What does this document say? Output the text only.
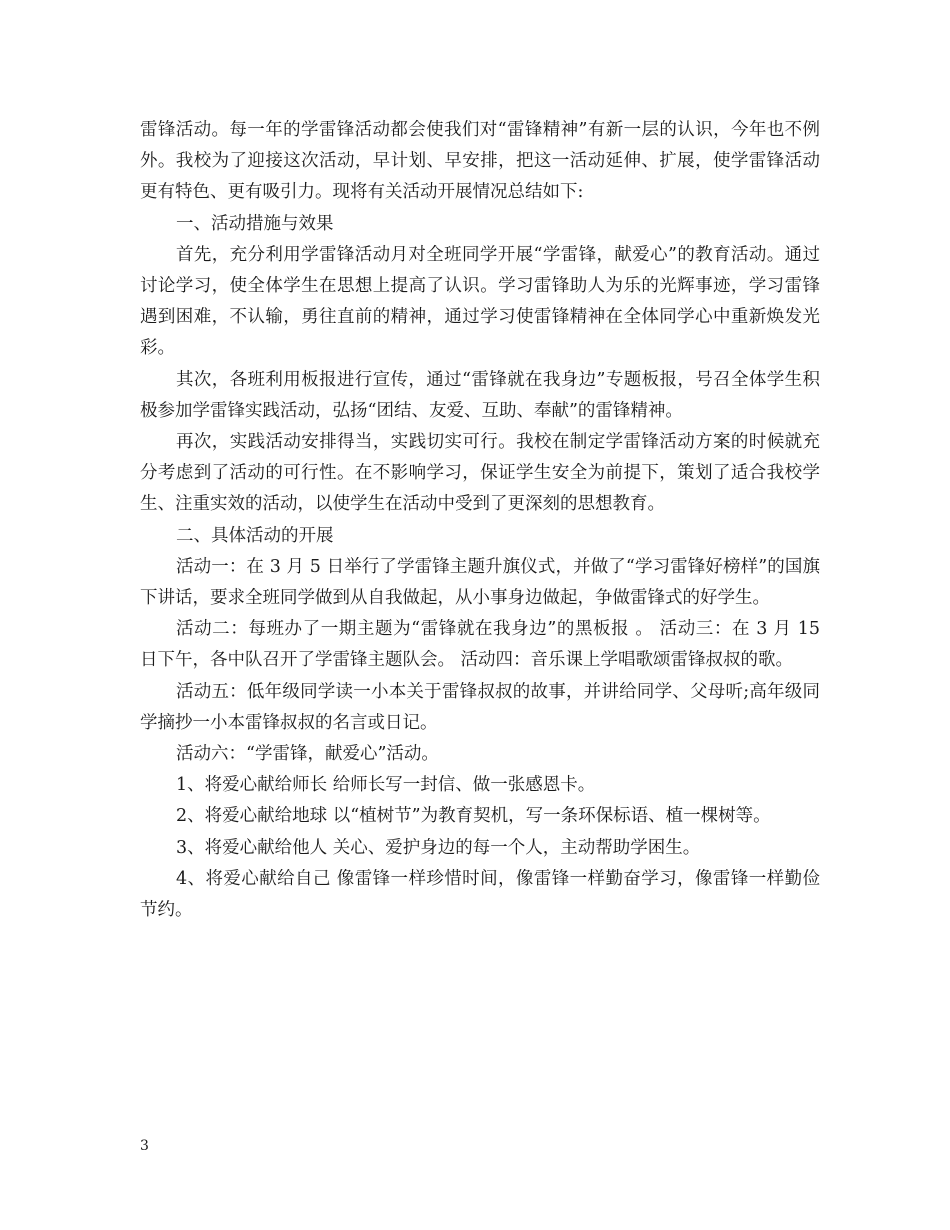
雷锋活动。每一年的学雷锋活动都会使我们对“雷锋精神”有新一层的认识，今年也不例外。我校为了迎接这次活动，早计划、早安排，把这一活动延伸、扩展，使学雷锋活动更有特色、更有吸引力。现将有关活动开展情况总结如下:

一、活动措施与效果

首先，充分利用学雷锋活动月对全班同学开展“学雷锋，献爱心”的教育活动。通过讨论学习，使全体学生在思想上提高了认识。学习雷锋助人为乐的光辉事迹，学习雷锋遇到困难，不认输，勇往直前的精神，通过学习使雷锋精神在全体同学心中重新焕发光彩。

其次，各班利用板报进行宣传，通过“雷锋就在我身边”专题板报，号召全体学生积极参加学雷锋实践活动，弘扬“团结、友爱、互助、奉献”的雷锋精神。

再次，实践活动安排得当，实践切实可行。我校在制定学雷锋活动方案的时候就充分考虑到了活动的可行性。在不影响学习，保证学生安全为前提下，策划了适合我校学生、注重实效的活动，以使学生在活动中受到了更深刻的思想教育。

二、具体活动的开展

活动一：在 3 月 5 日举行了学雷锋主题升旗仪式，并做了“学习雷锋好榜样”的国旗下讲话，要求全班同学做到从自我做起，从小事身边做起，争做雷锋式的好学生。

活动二：每班办了一期主题为“雷锋就在我身边”的黑板报 。 活动三：在 3 月 15 日下午，各中队召开了学雷锋主题队会。 活动四：音乐课上学唱歌颂雷锋叔叔的歌。

活动五：低年级同学读一小本关于雷锋叔叔的故事，并讲给同学、父母听;高年级同学摘抄一小本雷锋叔叔的名言或日记。

活动六：“学雷锋，献爱心”活动。

1、将爱心献给师长 给师长写一封信、做一张感恩卡。

2、将爱心献给地球 以“植树节”为教育契机，写一条环保标语、植一棵树等。

3、将爱心献给他人 关心、爱护身边的每一个人，主动帮助学困生。

4、将爱心献给自己 像雷锋一样珍惜时间，像雷锋一样勤奋学习，像雷锋一样勤俭节约。

3
